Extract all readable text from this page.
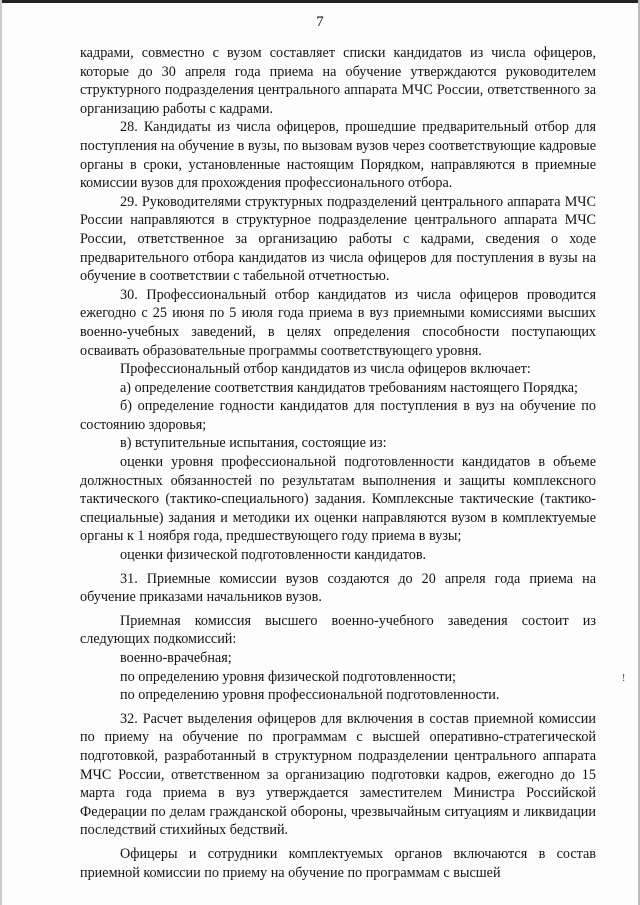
7

кадрами, совместно с вузом составляет списки кандидатов из числа офицеров, которые до 30 апреля года приема на обучение утверждаются руководителем структурного подразделения центрального аппарата МЧС России, ответственного за организацию работы с кадрами.

28. Кандидаты из числа офицеров, прошедшие предварительный отбор для поступления на обучение в вузы, по вызовам вузов через соответствующие кадровые органы в сроки, установленные настоящим Порядком, направляются в приемные комиссии вузов для прохождения профессионального отбора.

29. Руководителями структурных подразделений центрального аппарата МЧС России направляются в структурное подразделение центрального аппарата МЧС России, ответственное за организацию работы с кадрами, сведения о ходе предварительного отбора кандидатов из числа офицеров для поступления в вузы на обучение в соответствии с табельной отчетностью.

30. Профессиональный отбор кандидатов из числа офицеров проводится ежегодно с 25 июня по 5 июля года приема в вуз приемными комиссиями высших военно-учебных заведений, в целях определения способности поступающих осваивать образовательные программы соответствующего уровня.

Профессиональный отбор кандидатов из числа офицеров включает:

а) определение соответствия кандидатов требованиям настоящего Порядка;

б) определение годности кандидатов для поступления в вуз на обучение по состоянию здоровья;

в) вступительные испытания, состоящие из:

оценки уровня профессиональной подготовленности кандидатов в объеме должностных обязанностей по результатам выполнения и защиты комплексного тактического (тактико-специального) задания. Комплексные тактические (тактико-специальные) задания и методики их оценки направляются вузом в комплектуемые органы к 1 ноября года, предшествующего году приема в вузы;

оценки физической подготовленности кандидатов.

31. Приемные комиссии вузов создаются до 20 апреля года приема на обучение приказами начальников вузов.

Приемная комиссия высшего военно-учебного заведения состоит из следующих подкомиссий:

военно-врачебная;

по определению уровня физической подготовленности;

по определению уровня профессиональной подготовленности.

32. Расчет выделения офицеров для включения в состав приемной комиссии по приему на обучение по программам с высшей оперативно-стратегической подготовкой, разработанный в структурном подразделении центрального аппарата МЧС России, ответственном за организацию подготовки кадров, ежегодно до 15 марта года приема в вуз утверждается заместителем Министра Российской Федерации по делам гражданской обороны, чрезвычайным ситуациям и ликвидации последствий стихийных бедствий.

Офицеры и сотрудники комплектуемых органов включаются в состав приемной комиссии по приему на обучение по программам с высшей

!
